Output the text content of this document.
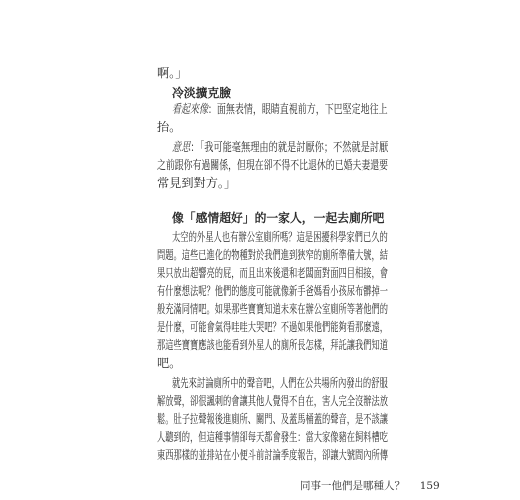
啊。」
冷淡擴克臉
看起來像：面無表情，眼睛直視前方，下巴堅定地往上
抬。
意思：「我可能毫無理由的就是討厭你；不然就是討厭
之前跟你有過關係，但現在卻不得不比退休的已婚夫妻還要
常見到對方。」
像「感情超好」的一家人，一起去廁所吧
太空的外星人也有辦公室廁所嗎？這是困擾科學家們已久的
問題。這些已進化的物種對於我們進到狹窄的廁所準備大號，結
果只放出超響亮的屁，而且出來後還和老闆面對面四目相接，會
有什麼想法呢？他們的態度可能就像新手爸媽看小孩尿布髒掉一
般充滿同情吧。如果那些寶寶知道未來在辦公室廁所等著他們的
是什麼，可能會氣得哇哇大哭吧？不過如果他們能夠看那麼遠，
那這些寶寶應該也能看到外星人的廁所長怎樣，拜託讓我們知道
吧。
就先來討論廁所中的聲音吧，人們在公共場所內發出的舒服
解放聲，卻很諷刺的會讓其他人覺得不自在，害人完全沒辦法放
鬆。肚子拉聲報後進廁所、關門、及蓋馬桶蓋的聲音，是不該讓
人聽到的，但這種事情卻每天都會發生：當大家像豬在飼料槽吃
東西那樣的並排站在小便斗前討論季度報告，卻讓大號間內所傳
同事一他們是哪種人？ 159
